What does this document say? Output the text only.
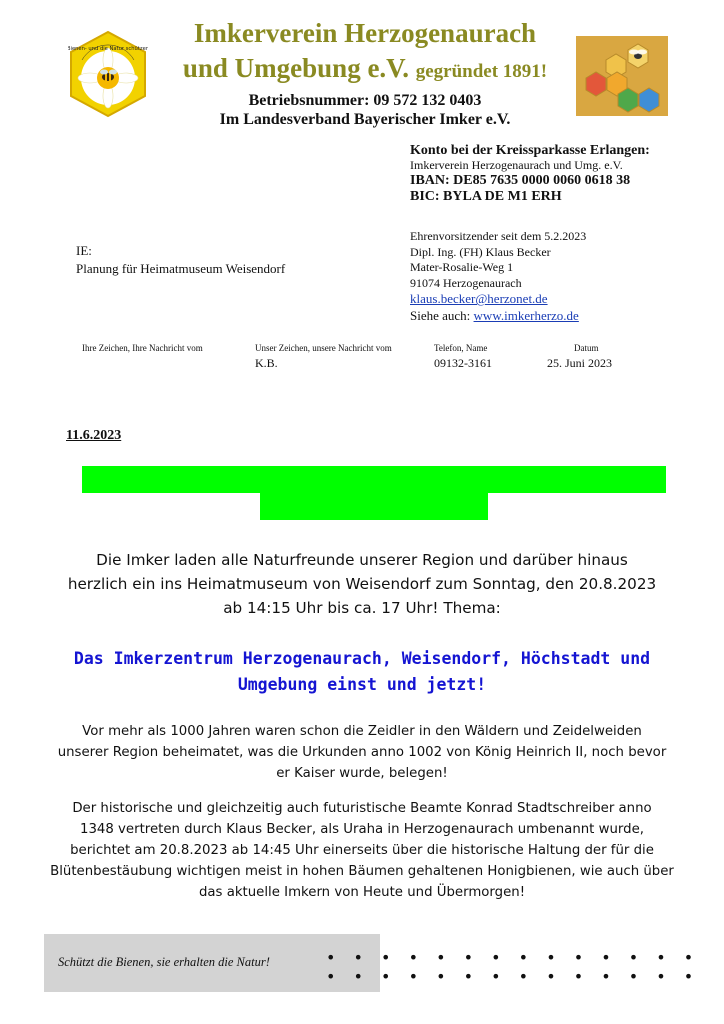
Bienen- und die Natur schützen
Imkerverein Herzogenaurach
und Umgebung e.V. gegründet 1891!
Betriebsnummer: 09 572 132 0403
Im Landesverband Bayerischer Imker e.V.
Konto bei der Kreissparkasse Erlangen:
Imkerverein Herzogenaurach und Umg. e.V.
IBAN: DE85 7635 0000 0060 0618 38
BIC: BYLA DE M1 ERH
IE:
Planung für Heimatmuseum Weisendorf
Ehrenvorsitzender seit dem 5.2.2023
Dipl. Ing. (FH) Klaus Becker
Mater-Rosalie-Weg 1
91074 Herzogenaurach
klaus.becker@herzonet.de
Siehe auch: www.imkerherzo.de
Ihre Zeichen, Ihre Nachricht vom	Unser Zeichen, unsere Nachricht vom
K.B.
Telefon, Name
09132-3161
Datum
25. Juni 2023
11.6.2023
Die Imker laden alle Naturfreunde unserer Region und darüber hinaus
herzlich ein ins Heimatmuseum von Weisendorf zum Sonntag, den 20.8.2023
ab 14:15 Uhr bis ca. 17 Uhr! Thema:
Das Imkerzentrum Herzogenaurach, Weisendorf, Höchstadt und
Umgebung einst und jetzt!
Vor mehr als 1000 Jahren waren schon die Zeidler in den Wäldern und Zeidelweiden
unserer Region beheimatet, was die Urkunden anno 1002 von König Heinrich II, noch bevor
er Kaiser wurde, belegen!
Der historische und gleichzeitig auch futuristische Beamte Konrad Stadtschreiber anno
1348 vertreten durch Klaus Becker, als Uraha in Herzogenaurach umbenannt wurde,
berichtet am 20.8.2023 ab 14:45 Uhr einerseits über die historische Haltung der für die
Blütenbestäubung wichtigen meist in hohen Bäumen gehaltenen Honigbienen, wie auch über
das aktuelle Imkern von Heute und Übermorgen!
Schützt die Bienen, sie erhalten die Natur!	• • • • • • • • • • • • • • • • • • • • • • • • • • • •
